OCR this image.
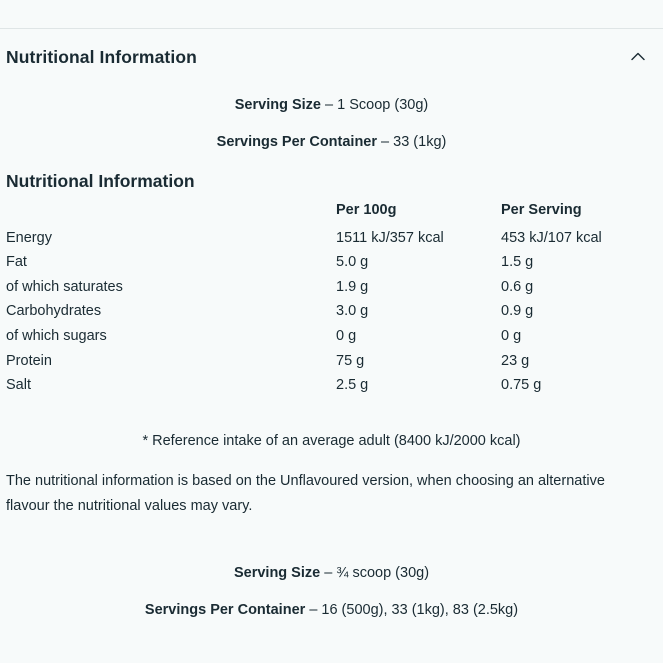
Nutritional Information
Serving Size – 1 Scoop (30g)
Servings Per Container – 33 (1kg)
Nutritional Information
	Per 100g	Per Serving
Energy	1511 kJ/357 kcal	453 kJ/107 kcal
Fat	5.0 g	1.5 g
of which saturates	1.9 g	0.6 g
Carbohydrates	3.0 g	0.9 g
of which sugars	0 g	0 g
Protein	75 g	23 g
Salt	2.5 g	0.75 g
* Reference intake of an average adult (8400 kJ/2000 kcal)
The nutritional information is based on the Unflavoured version, when choosing an alternative flavour the nutritional values may vary.
Serving Size – ¾ scoop (30g)
Servings Per Container – 16 (500g), 33 (1kg), 83 (2.5kg)
